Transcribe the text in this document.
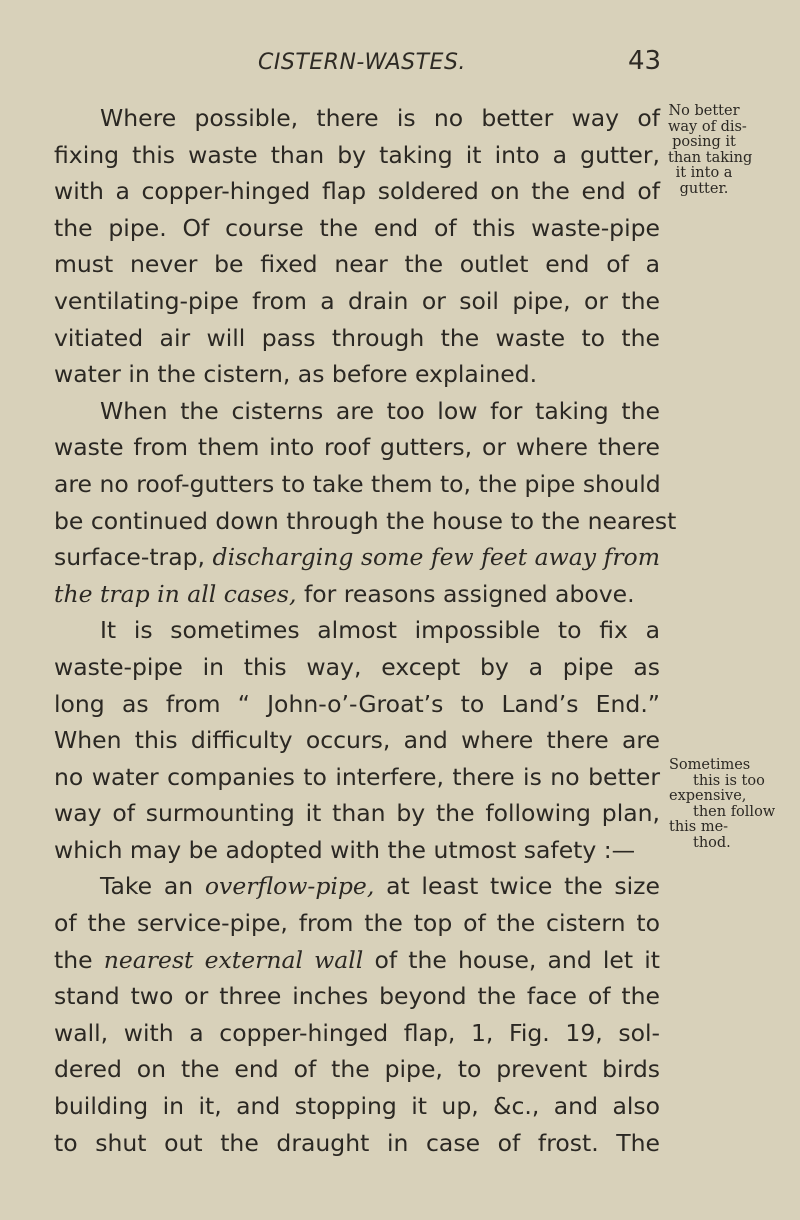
CISTERN-WASTES.	43
Where possible, there is no better way of
fixing this waste than by taking it into a gutter,
with a copper-hinged flap soldered on the end of
the pipe. Of course the end of this waste-pipe
must never be fixed near the outlet end of a
ventilating-pipe from a drain or soil pipe, or the
vitiated air will pass through the waste to the
water in the cistern, as before explained.
When the cisterns are too low for taking the
waste from them into roof gutters, or where there
are no roof-gutters to take them to, the pipe should
be continued down through the house to the nearest
surface-trap, discharging some few feet away from
the trap in all cases, for reasons assigned above.
It is sometimes almost impossible to fix a
waste-pipe in this way, except by a pipe as
long as from “ John-o’-Groat’s to Land’s End.”
When this difficulty occurs, and where there are
no water companies to interfere, there is no better
way of surmounting it than by the following plan,
which may be adopted with the utmost safety :—
Take an overflow-pipe, at least twice the size
of the service-pipe, from the top of the cistern to
the nearest external wall of the house, and let it
stand two or three inches beyond the face of the
wall, with a copper-hinged flap, 1, Fig. 19, sol-
dered on the end of the pipe, to prevent birds
building in it, and stopping it up, &c., and also
to shut out the draught in case of frost. The
No better
way of dis-
posing it
than taking
it into a
gutter.
Sometimes
this is too
expensive,
then follow
this me-
thod.
